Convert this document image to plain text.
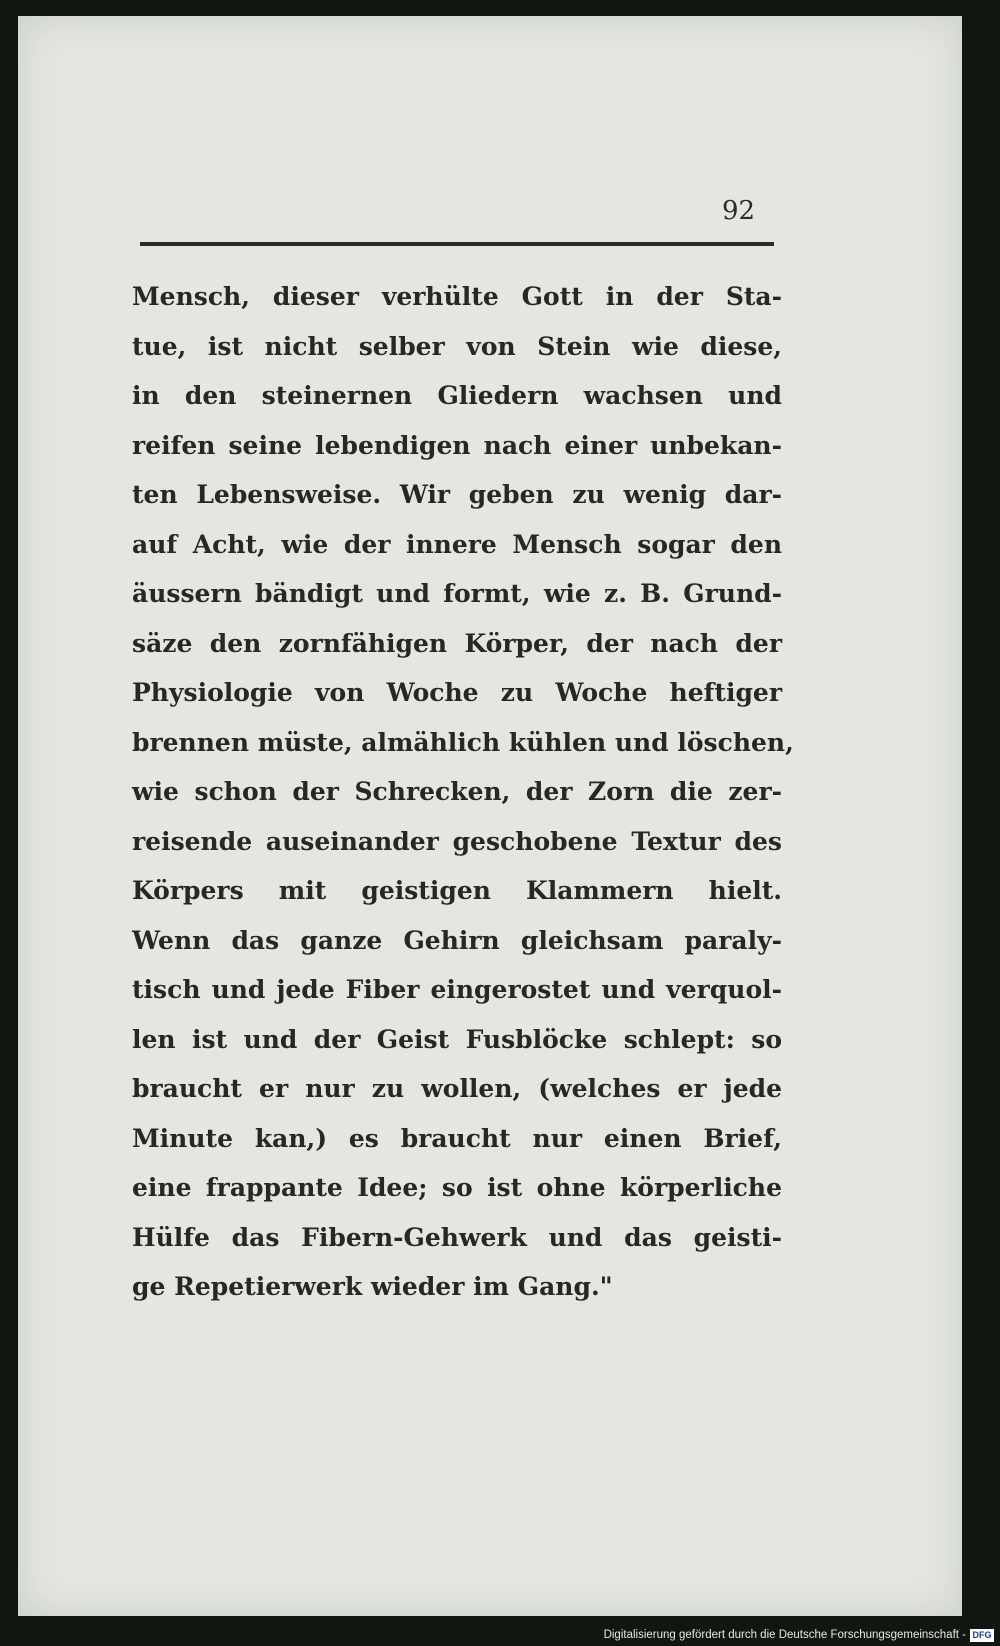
92
Mensch, dieser verhülte Gott in der Sta-
tue, ist nicht selber von Stein wie diese,
in den steinernen Gliedern wachsen und
reifen seine lebendigen nach einer unbekan-
ten Lebensweise. Wir geben zu wenig dar-
auf Acht, wie der innere Mensch sogar den
äussern bändigt und formt, wie z. B. Grund-
säze den zornfähigen Körper, der nach der
Physiologie von Woche zu Woche heftiger
brennen müste, almählich kühlen und löschen,
wie schon der Schrecken, der Zorn die zer-
reisende auseinander geschobene Textur des
Körpers mit geistigen Klammern hielt.
Wenn das ganze Gehirn gleichsam paraly-
tisch und jede Fiber eingerostet und verquol-
len ist und der Geist Fusblöcke schlept: so
braucht er nur zu wollen, (welches er jede
Minute kan,) es braucht nur einen Brief,
eine frappante Idee; so ist ohne körperliche
Hülfe das Fibern-Gehwerk und das geisti-
ge Repetierwerk wieder im Gang."
Digitalisierung gefördert durch die Deutsche Forschungsgemeinschaft - DFG
